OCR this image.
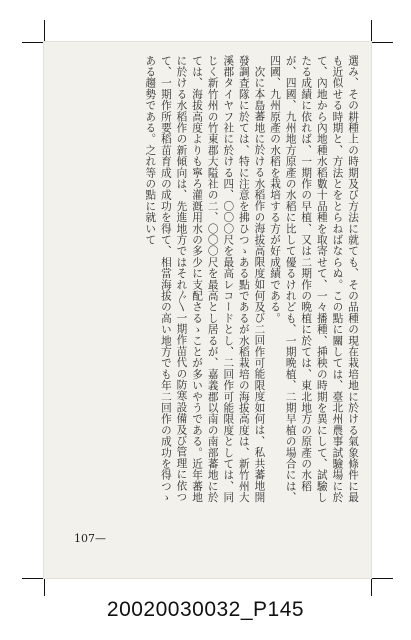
選み、その耕種上の時期及び方法に就ても、その品種の現在栽培地に於ける氣象條件に最も近似せる時期と、方法とをとらねばならぬ。この點に關しては、臺北州農事試驗場に於て、內地から內地種水稻數十品種を取寄せて、一々播種、挿秧の時期を異にして、試驗したる成績に依れば、一期作の早植、又は二期作の晩植に於ては、東北地方の原產の水稻が、四國、九州地方原產の水稻に比して優るけれども、一期晩植、二期早植の場合には、四國、九州原產の水稻を栽培する方が好成績である。

次に本島蕃地に於ける水稻作の海拔高限度如何及び二回作可能限度如何は、私共蕃地開發調査隊に於ては、特に注意を拂ひつゝある點であるが水稻栽培の海拔高度は、新竹州大溪郡タイヤフ社に於ける四、〇〇〇尺を最高レコードとし、二回作可能限度としては、同じく新竹州の竹東郡大隘社の二、〇〇〇尺を最高とし居るが、嘉義郡以南の南部蕃地に於ては、海拔高度よりも寧ろ灌漑用水の多少に支配さるゝことが多いやうである。近年蕃地に於ける水稻作の新傾向は、先進地方ではそれ〴〵一期作苗代の防寒設備及び管理に依つて、一期作所要稻苗育成の成功を得て、相當海拔の高い地方でも年二回作の成功を得つゝある趨勢である。之れ等の點に就いて

107—
20020030032_P145
